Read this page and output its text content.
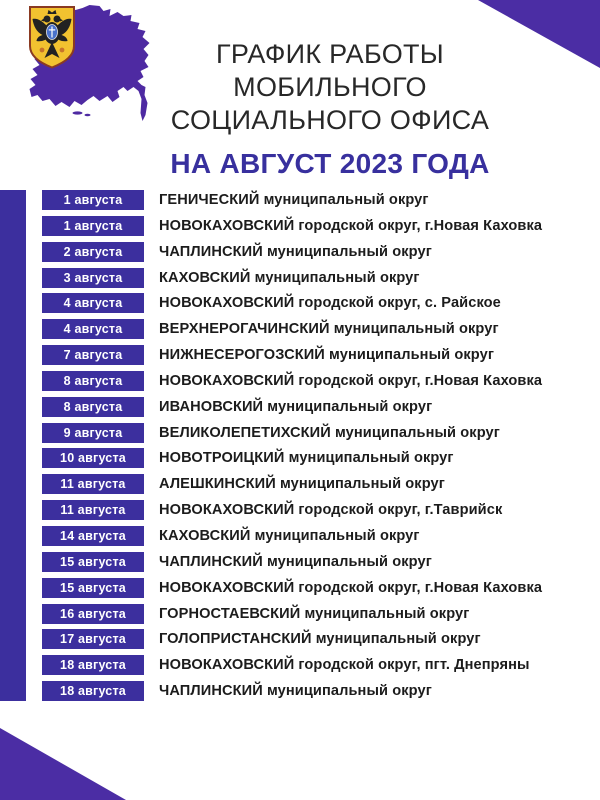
ГРАФИК РАБОТЫ
МОБИЛЬНОГО
СОЦИАЛЬНОГО ОФИСА
НА АВГУСТ 2023 ГОДА
1 августа	ГЕНИЧЕСКИЙ муниципальный округ
1 августа	НОВОКАХОВСКИЙ городской округ, г.Новая Каховка
2 августа	ЧАПЛИНСКИЙ муниципальный округ
3 августа	КАХОВСКИЙ муниципальный округ
4 августа	НОВОКАХОВСКИЙ городской округ, с. Райское
4 августа	ВЕРХНЕРОГАЧИНСКИЙ муниципальный округ
7 августа	НИЖНЕСЕРОГОЗСКИЙ муниципальный округ
8 августа	НОВОКАХОВСКИЙ городской округ, г.Новая Каховка
8 августа	ИВАНОВСКИЙ муниципальный округ
9 августа	ВЕЛИКОЛЕПЕТИХСКИЙ муниципальный округ
10 августа	НОВОТРОИЦКИЙ муниципальный округ
11 августа	АЛЕШКИНСКИЙ муниципальный округ
11 августа	НОВОКАХОВСКИЙ городской округ, г.Таврийск
14 августа	КАХОВСКИЙ муниципальный округ
15 августа	ЧАПЛИНСКИЙ муниципальный округ
15 августа	НОВОКАХОВСКИЙ городской округ, г.Новая Каховка
16 августа	ГОРНОСТАЕВСКИЙ муниципальный округ
17 августа	ГОЛОПРИСТАНСКИЙ муниципальный округ
18 августа	НОВОКАХОВСКИЙ городской округ, пгт. Днепряны
18 августа	ЧАПЛИНСКИЙ муниципальный округ
